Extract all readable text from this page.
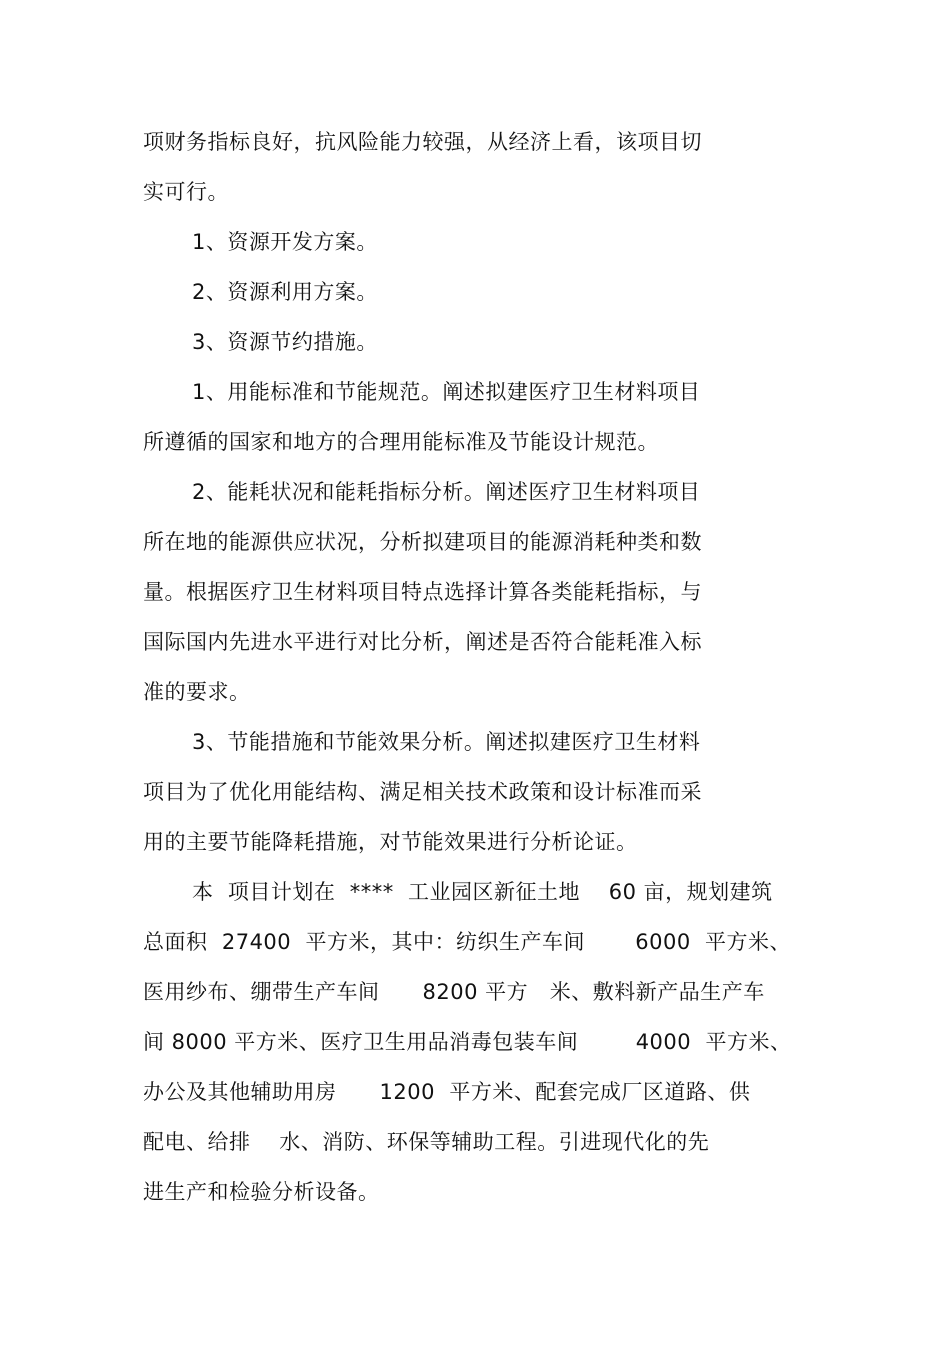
项财务指标良好，抗风险能力较强，从经济上看，该项目切
实可行。
1、资源开发方案。
2、资源利用方案。
3、资源节约措施。
1、用能标准和节能规范。阐述拟建医疗卫生材料项目
所遵循的国家和地方的合理用能标准及节能设计规范。
2、能耗状况和能耗指标分析。阐述医疗卫生材料项目
所在地的能源供应状况，分析拟建项目的能源消耗种类和数
量。根据医疗卫生材料项目特点选择计算各类能耗指标，与
国际国内先进水平进行对比分析，阐述是否符合能耗准入标
准的要求。
3、节能措施和节能效果分析。阐述拟建医疗卫生材料
项目为了优化用能结构、满足相关技术政策和设计标准而采
用的主要节能降耗措施，对节能效果进行分析论证。
本  项目计划在  ****  工业园区新征土地    60 亩，规划建筑
总面积  27400  平方米，其中：纺织生产车间       6000  平方米、
医用纱布、绷带生产车间      8200 平方   米、敷料新产品生产车
间 8000 平方米、医疗卫生用品消毒包装车间        4000  平方米、
办公及其他辅助用房      1200  平方米、配套完成厂区道路、供
配电、给排    水、消防、环保等辅助工程。引进现代化的先
进生产和检验分析设备。
